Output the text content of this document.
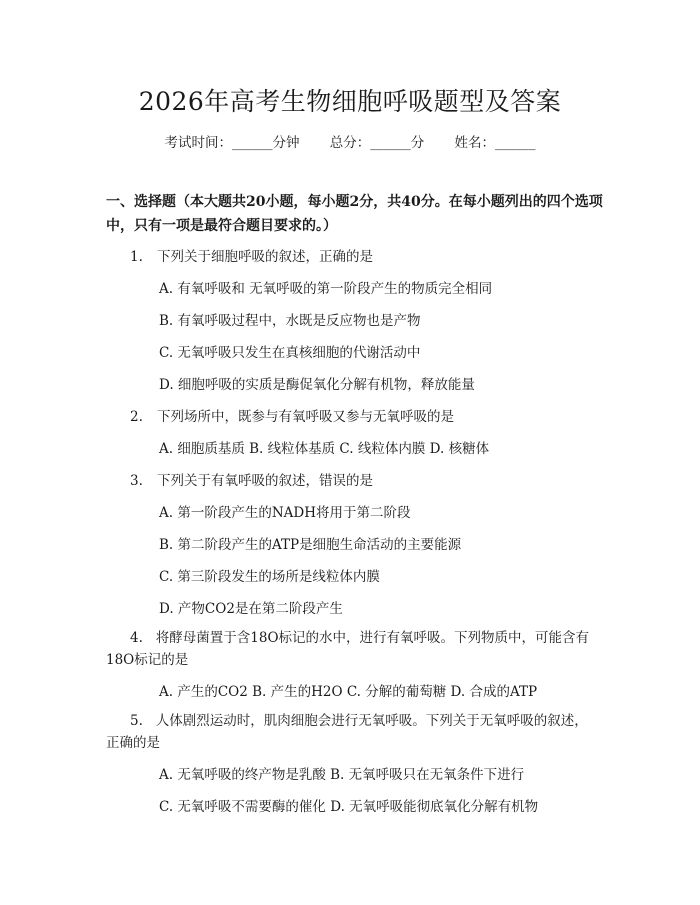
2026年高考生物细胞呼吸题型及答案
考试时间：______分钟 总分：______分 姓名：______
一、选择题（本大题共20小题，每小题2分，共40分。在每小题列出的四个选项中，只有一项是最符合题目要求的。）
1. 下列关于细胞呼吸的叙述，正确的是
A. 有氧呼吸和 无氧呼吸的第一阶段产生的物质完全相同
B. 有氧呼吸过程中，水既是反应物也是产物
C. 无氧呼吸只发生在真核细胞的代谢活动中
D. 细胞呼吸的实质是酶促氧化分解有机物，释放能量
2. 下列场所中，既参与有氧呼吸又参与无氧呼吸的是
A. 细胞质基质 B. 线粒体基质 C. 线粒体内膜 D. 核糖体
3. 下列关于有氧呼吸的叙述，错误的是
A. 第一阶段产生的NADH将用于第二阶段
B. 第二阶段产生的ATP是细胞生命活动的主要能源
C. 第三阶段发生的场所是线粒体内膜
D. 产物CO2是在第二阶段产生
4. 将酵母菌置于含18O标记的水中，进行有氧呼吸。下列物质中，可能含有18O标记的是
A. 产生的CO2 B. 产生的H2O C. 分解的葡萄糖 D. 合成的ATP
5. 人体剧烈运动时，肌肉细胞会进行无氧呼吸。下列关于无氧呼吸的叙述，正确的是
A. 无氧呼吸的终产物是乳酸 B. 无氧呼吸只在无氧条件下进行
C. 无氧呼吸不需要酶的催化 D. 无氧呼吸能彻底氧化分解有机物
